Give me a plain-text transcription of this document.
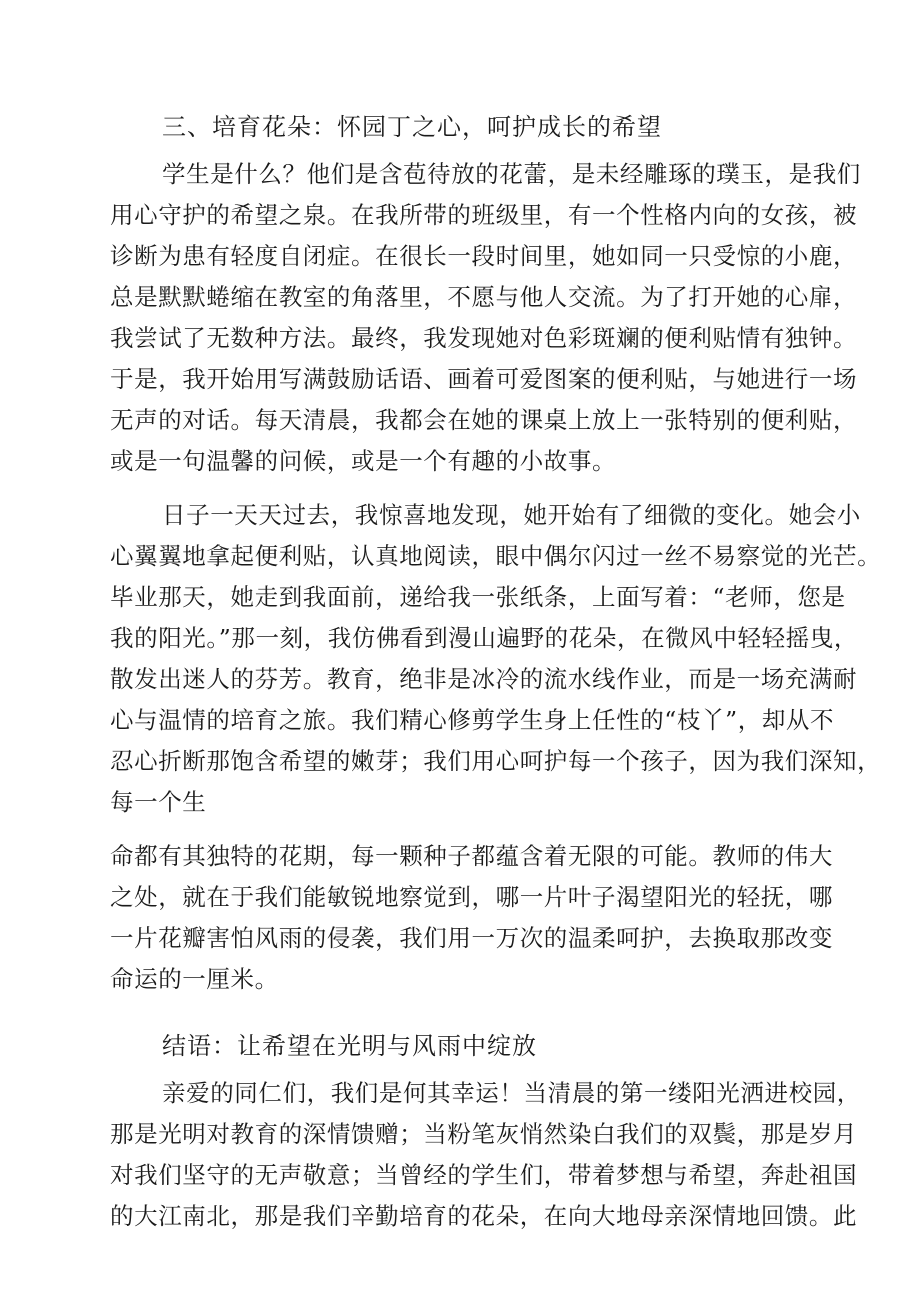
三、培育花朵：怀园丁之心，呵护成长的希望
学生是什么？他们是含苞待放的花蕾，是未经雕琢的璞玉，是我们
用心守护的希望之泉。在我所带的班级里，有一个性格内向的女孩，被
诊断为患有轻度自闭症。在很长一段时间里，她如同一只受惊的小鹿，
总是默默蜷缩在教室的角落里，不愿与他人交流。为了打开她的心扉，
我尝试了无数种方法。最终，我发现她对色彩斑斓的便利贴情有独钟。
于是，我开始用写满鼓励话语、画着可爱图案的便利贴，与她进行一场
无声的对话。每天清晨，我都会在她的课桌上放上一张特别的便利贴，
或是一句温馨的问候，或是一个有趣的小故事。
日子一天天过去，我惊喜地发现，她开始有了细微的变化。她会小
心翼翼地拿起便利贴，认真地阅读，眼中偶尔闪过一丝不易察觉的光芒。
毕业那天，她走到我面前，递给我一张纸条，上面写着：“老师，您是
我的阳光。”那一刻，我仿佛看到漫山遍野的花朵，在微风中轻轻摇曳，
散发出迷人的芬芳。教育，绝非是冰冷的流水线作业，而是一场充满耐
心与温情的培育之旅。我们精心修剪学生身上任性的“枝丫”，却从不
忍心折断那饱含希望的嫩芽；我们用心呵护每一个孩子，因为我们深知，
每一个生
命都有其独特的花期，每一颗种子都蕴含着无限的可能。教师的伟大
之处，就在于我们能敏锐地察觉到，哪一片叶子渴望阳光的轻抚，哪
一片花瓣害怕风雨的侵袭，我们用一万次的温柔呵护，去换取那改变
命运的一厘米。
结语：让希望在光明与风雨中绽放
亲爱的同仁们，我们是何其幸运！当清晨的第一缕阳光洒进校园，
那是光明对教育的深情馈赠；当粉笔灰悄然染白我们的双鬓，那是岁月
对我们坚守的无声敬意；当曾经的学生们，带着梦想与希望，奔赴祖国
的大江南北，那是我们辛勤培育的花朵，在向大地母亲深情地回馈。此
